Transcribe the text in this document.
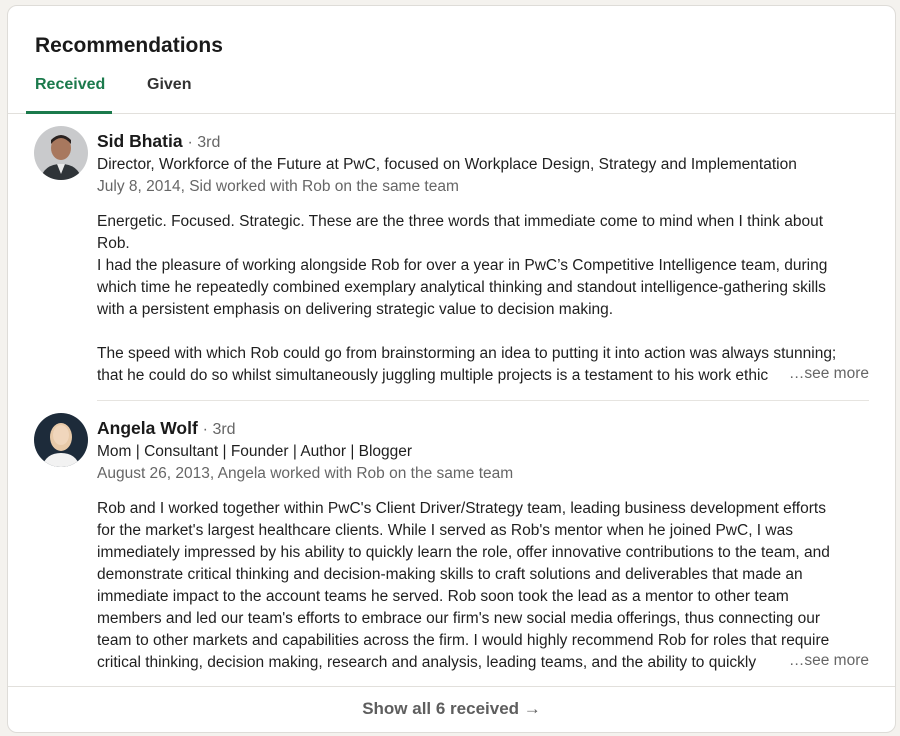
Recommendations
Received	Given
Sid Bhatia · 3rd
Director, Workforce of the Future at PwC, focused on Workplace Design, Strategy and Implementation
July 8, 2014, Sid worked with Rob on the same team
Energetic. Focused. Strategic. These are the three words that immediate come to mind when I think about
Rob.
I had the pleasure of working alongside Rob for over a year in PwC’s Competitive Intelligence team, during
which time he repeatedly combined exemplary analytical thinking and standout intelligence-gathering skills
with a persistent emphasis on delivering strategic value to decision making.
The speed with which Rob could go from brainstorming an idea to putting it into action was always stunning;
that he could do so whilst simultaneously juggling multiple projects is a testament to his work ethic	…see more
Angela Wolf · 3rd
Mom | Consultant | Founder | Author | Blogger
August 26, 2013, Angela worked with Rob on the same team
Rob and I worked together within PwC's Client Driver/Strategy team, leading business development efforts
for the market's largest healthcare clients. While I served as Rob's mentor when he joined PwC, I was
immediately impressed by his ability to quickly learn the role, offer innovative contributions to the team, and
demonstrate critical thinking and decision-making skills to craft solutions and deliverables that made an
immediate impact to the account teams he served. Rob soon took the lead as a mentor to other team
members and led our team's efforts to embrace our firm's new social media offerings, thus connecting our
team to other markets and capabilities across the firm. I would highly recommend Rob for roles that require
critical thinking, decision making, research and analysis, leading teams, and the ability to quickly	…see more
Show all 6 received →
